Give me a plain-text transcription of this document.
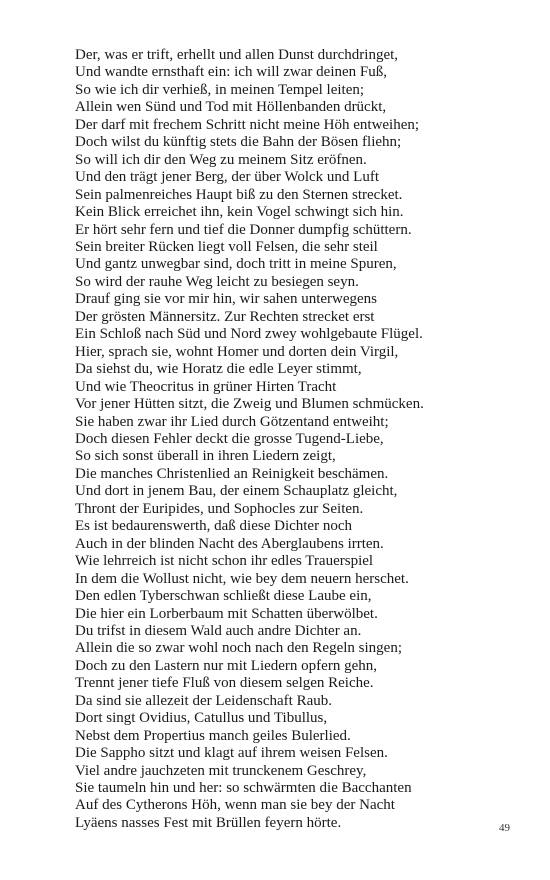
Der, was er trift, erhellt und allen Dunst durchdringet,
Und wandte ernsthaft ein: ich will zwar deinen Fuß,
So wie ich dir verhieß, in meinen Tempel leiten;
Allein wen Sünd und Tod mit Höllenbanden drückt,
Der darf mit frechem Schritt nicht meine Höh entweihen;
Doch wilst du künftig stets die Bahn der Bösen fliehn;
So will ich dir den Weg zu meinem Sitz eröfnen.
Und den trägt jener Berg, der über Wolck und Luft
Sein palmenreiches Haupt biß zu den Sternen strecket.
Kein Blick erreichet ihn, kein Vogel schwingt sich hin.
Er hört sehr fern und tief die Donner dumpfig schüttern.
Sein breiter Rücken liegt voll Felsen, die sehr steil
Und gantz unwegbar sind, doch tritt in meine Spuren,
So wird der rauhe Weg leicht zu besiegen seyn.
Drauf ging sie vor mir hin, wir sahen unterwegens
Der grösten Männersitz. Zur Rechten strecket erst
Ein Schloß nach Süd und Nord zwey wohlgebaute Flügel.
Hier, sprach sie, wohnt Homer und dorten dein Virgil,
Da siehst du, wie Horatz die edle Leyer stimmt,
Und wie Theocritus in grüner Hirten Tracht
Vor jener Hütten sitzt, die Zweig und Blumen schmücken.
Sie haben zwar ihr Lied durch Götzentand entweiht;
Doch diesen Fehler deckt die grosse Tugend-Liebe,
So sich sonst überall in ihren Liedern zeigt,
Die manches Christenlied an Reinigkeit beschämen.
Und dort in jenem Bau, der einem Schauplatz gleicht,
Thront der Euripides, und Sophocles zur Seiten.
Es ist bedaurenswerth, daß diese Dichter noch
Auch in der blinden Nacht des Aberglaubens irrten.
Wie lehrreich ist nicht schon ihr edles Trauerspiel
In dem die Wollust nicht, wie bey dem neuern herschet.
Den edlen Tyberschwan schließt diese Laube ein,
Die hier ein Lorberbaum mit Schatten überwölbet.
Du trifst in diesem Wald auch andre Dichter an.
Allein die so zwar wohl noch nach den Regeln singen;
Doch zu den Lastern nur mit Liedern opfern gehn,
Trennt jener tiefe Fluß von diesem selgen Reiche.
Da sind sie allezeit der Leidenschaft Raub.
Dort singt Ovidius, Catullus und Tibullus,
Nebst dem Propertius manch geiles Bulerlied.
Die Sappho sitzt und klagt auf ihrem weisen Felsen.
Viel andre jauchzeten mit trunckenem Geschrey,
Sie taumeln hin und her: so schwärmten die Bacchanten
Auf des Cytherons Höh, wenn man sie bey der Nacht
Lyäens nasses Fest mit Brüllen feyern hörte.	49
